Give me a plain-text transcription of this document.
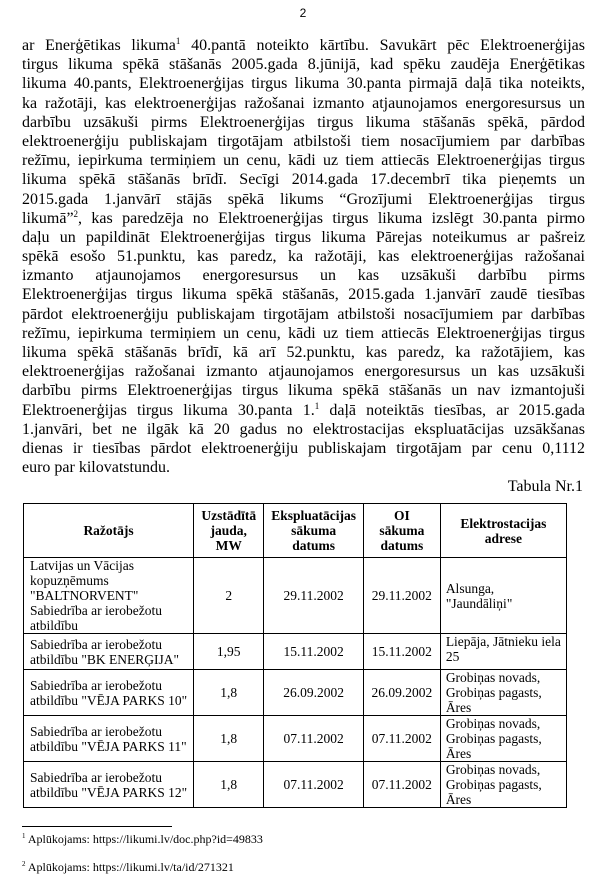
2
ar Enerģētikas likuma$^1$ 40.pantā noteikto kārtību. Savukārt pēc Elektroenerģijas
tirgus likuma spēkā stāšanās 2005.gada 8.jūnijā, kad spēku zaudēja Enerģētikas
likuma 40.pants, Elektroenerģijas tirgus likuma 30.panta pirmajā daļā tika noteikts,
ka ražotāji, kas elektroenerģijas ražošanai izmanto atjaunojamos energoresursus un
darbību uzsākuši pirms Elektroenerģijas tirgus likuma stāšanās spēkā, pārdod
elektroenerģiju publiskajam tirgotājam atbilstoši tiem nosacījumiem par darbības
režīmu, iepirkuma termiņiem un cenu, kādi uz tiem attiecās Elektroenerģijas tirgus
likuma spēkā stāšanās brīdī. Secīgi 2014.gada 17.decembrī tika pieņemts un
2015.gada 1.janvārī stājās spēkā likums “Grozījumi Elektroenerģijas tirgus
likumā”$^2$, kas paredzēja no Elektroenerģijas tirgus likuma izslēgt 30.panta pirmo
daļu un papildināt Elektroenerģijas tirgus likuma Pārejas noteikumus ar pašreiz
spēkā esošo 51.punktu, kas paredz, ka ražotāji, kas elektroenerģijas ražošanai
izmanto atjaunojamos energoresursus un kas uzsākuši darbību pirms
Elektroenerģijas tirgus likuma spēkā stāšanās, 2015.gada 1.janvārī zaudē tiesības
pārdot elektroenerģiju publiskajam tirgotājam atbilstoši nosacījumiem par darbības
režīmu, iepirkuma termiņiem un cenu, kādi uz tiem attiecās Elektroenerģijas tirgus
likuma spēkā stāšanās brīdī, kā arī 52.punktu, kas paredz, ka ražotājiem, kas
elektroenerģijas ražošanai izmanto atjaunojamos energoresursus un kas uzsākuši
darbību pirms Elektroenerģijas tirgus likuma spēkā stāšanās un nav izmantojuši
Elektroenerģijas tirgus likuma 30.panta 1.$^1$ daļā noteiktās tiesības, ar 2015.gada
1.janvāri, bet ne ilgāk kā 20 gadus no elektrostacijas ekspluatācijas uzsākšanas
dienas ir tiesības pārdot elektroenerģiju publiskajam tirgotājam par cenu 0,1112
euro par kilovatstundu.
Tabula Nr.1
Ražotājs	Uzstādītā
jauda,
MW	Ekspluatācijas
sākuma
datums	OI
sākuma
datums	Elektrostacijas
adrese
Latvijas un Vācijas
kopuzņēmums
"BALTNORVENT"
Sabiedrība ar ierobežotu
atbildību	2	29.11.2002	29.11.2002	Alsunga, "Jaundāliņi"
Sabiedrība ar ierobežotu
atbildību "BK ENERĢIJA"	1,95	15.11.2002	15.11.2002	Liepāja, Jātnieku iela
25
Sabiedrība ar ierobežotu
atbildību "VĒJA PARKS 10"	1,8	26.09.2002	26.09.2002	Grobiņas novads,
Grobiņas pagasts,
Āres
Sabiedrība ar ierobežotu
atbildību "VĒJA PARKS 11"	1,8	07.11.2002	07.11.2002	Grobiņas novads,
Grobiņas pagasts,
Āres
Sabiedrība ar ierobežotu
atbildību "VĒJA PARKS 12"	1,8	07.11.2002	07.11.2002	Grobiņas novads,
Grobiņas pagasts,
Āres
$^1$ Aplūkojams: https://likumi.lv/doc.php?id=49833
$^2$ Aplūkojams: https://likumi.lv/ta/id/271321
